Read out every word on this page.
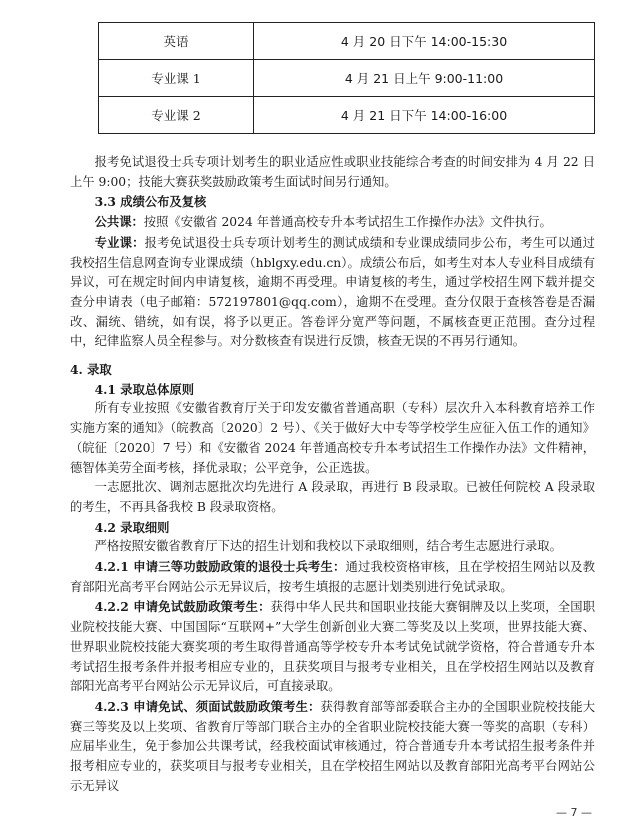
英语	4 月 20 日下午 14:00-15:30
专业课 1	4 月 21 日上午 9:00-11:00
专业课 2	4 月 21 日下午 14:00-16:00

报考免试退役士兵专项计划考生的职业适应性或职业技能综合考查的时间安排为 4 月 22 日上午 9:00；技能大赛获奖鼓励政策考生面试时间另行通知。

3.3 成绩公布及复核

公共课：按照《安徽省 2024 年普通高校专升本考试招生工作操作办法》文件执行。

专业课：报考免试退役士兵专项计划考生的测试成绩和专业课成绩同步公布，考生可以通过我校招生信息网查询专业课成绩（hblgxy.edu.cn）。成绩公布后，如考生对本人专业科目成绩有异议，可在规定时间内申请复核，逾期不再受理。申请复核的考生，通过学校招生网下载并提交查分申请表（电子邮箱：572197801@qq.com），逾期不在受理。查分仅限于查核答卷是否漏改、漏统、错统，如有误，将予以更正。答卷评分宽严等问题，不属核查更正范围。查分过程中，纪律监察人员全程参与。对分数核查有误进行反馈，核查无误的不再另行通知。

4. 录取

4.1 录取总体原则

所有专业按照《安徽省教育厅关于印发安徽省普通高职（专科）层次升入本科教育培养工作实施方案的通知》（皖教高〔2020〕2 号）、《关于做好大中专等学校学生应征入伍工作的通知》（皖征〔2020〕7 号）和《安徽省 2024 年普通高校专升本考试招生工作操作办法》文件精神，德智体美劳全面考核，择优录取；公平竞争，公正选拔。

一志愿批次、调剂志愿批次均先进行 A 段录取，再进行 B 段录取。已被任何院校 A 段录取的考生，不再具备我校 B 段录取资格。

4.2 录取细则

严格按照安徽省教育厅下达的招生计划和我校以下录取细则，结合考生志愿进行录取。

4.2.1 申请三等功鼓励政策的退役士兵考生：通过我校资格审核，且在学校招生网站以及教育部阳光高考平台网站公示无异议后，按考生填报的志愿计划类别进行免试录取。

4.2.2 申请免试鼓励政策考生：获得中华人民共和国职业技能大赛铜牌及以上奖项，全国职业院校技能大赛、中国国际“互联网+”大学生创新创业大赛二等奖及以上奖项，世界技能大赛、世界职业院校技能大赛奖项的考生取得普通高等学校专升本考试免试就学资格，符合普通专升本考试招生报考条件并报考相应专业的，且获奖项目与报考专业相关，且在学校招生网站以及教育部阳光高考平台网站公示无异议后，可直接录取。

4.2.3 申请免试、须面试鼓励政策考生：获得教育部等部委联合主办的全国职业院校技能大赛三等奖及以上奖项、省教育厅等部门联合主办的全省职业院校技能大赛一等奖的高职（专科）应届毕业生，免于参加公共课考试，经我校面试审核通过，符合普通专升本考试招生报考条件并报考相应专业的，获奖项目与报考专业相关，且在学校招生网站以及教育部阳光高考平台网站公示无异议

— 7 —
